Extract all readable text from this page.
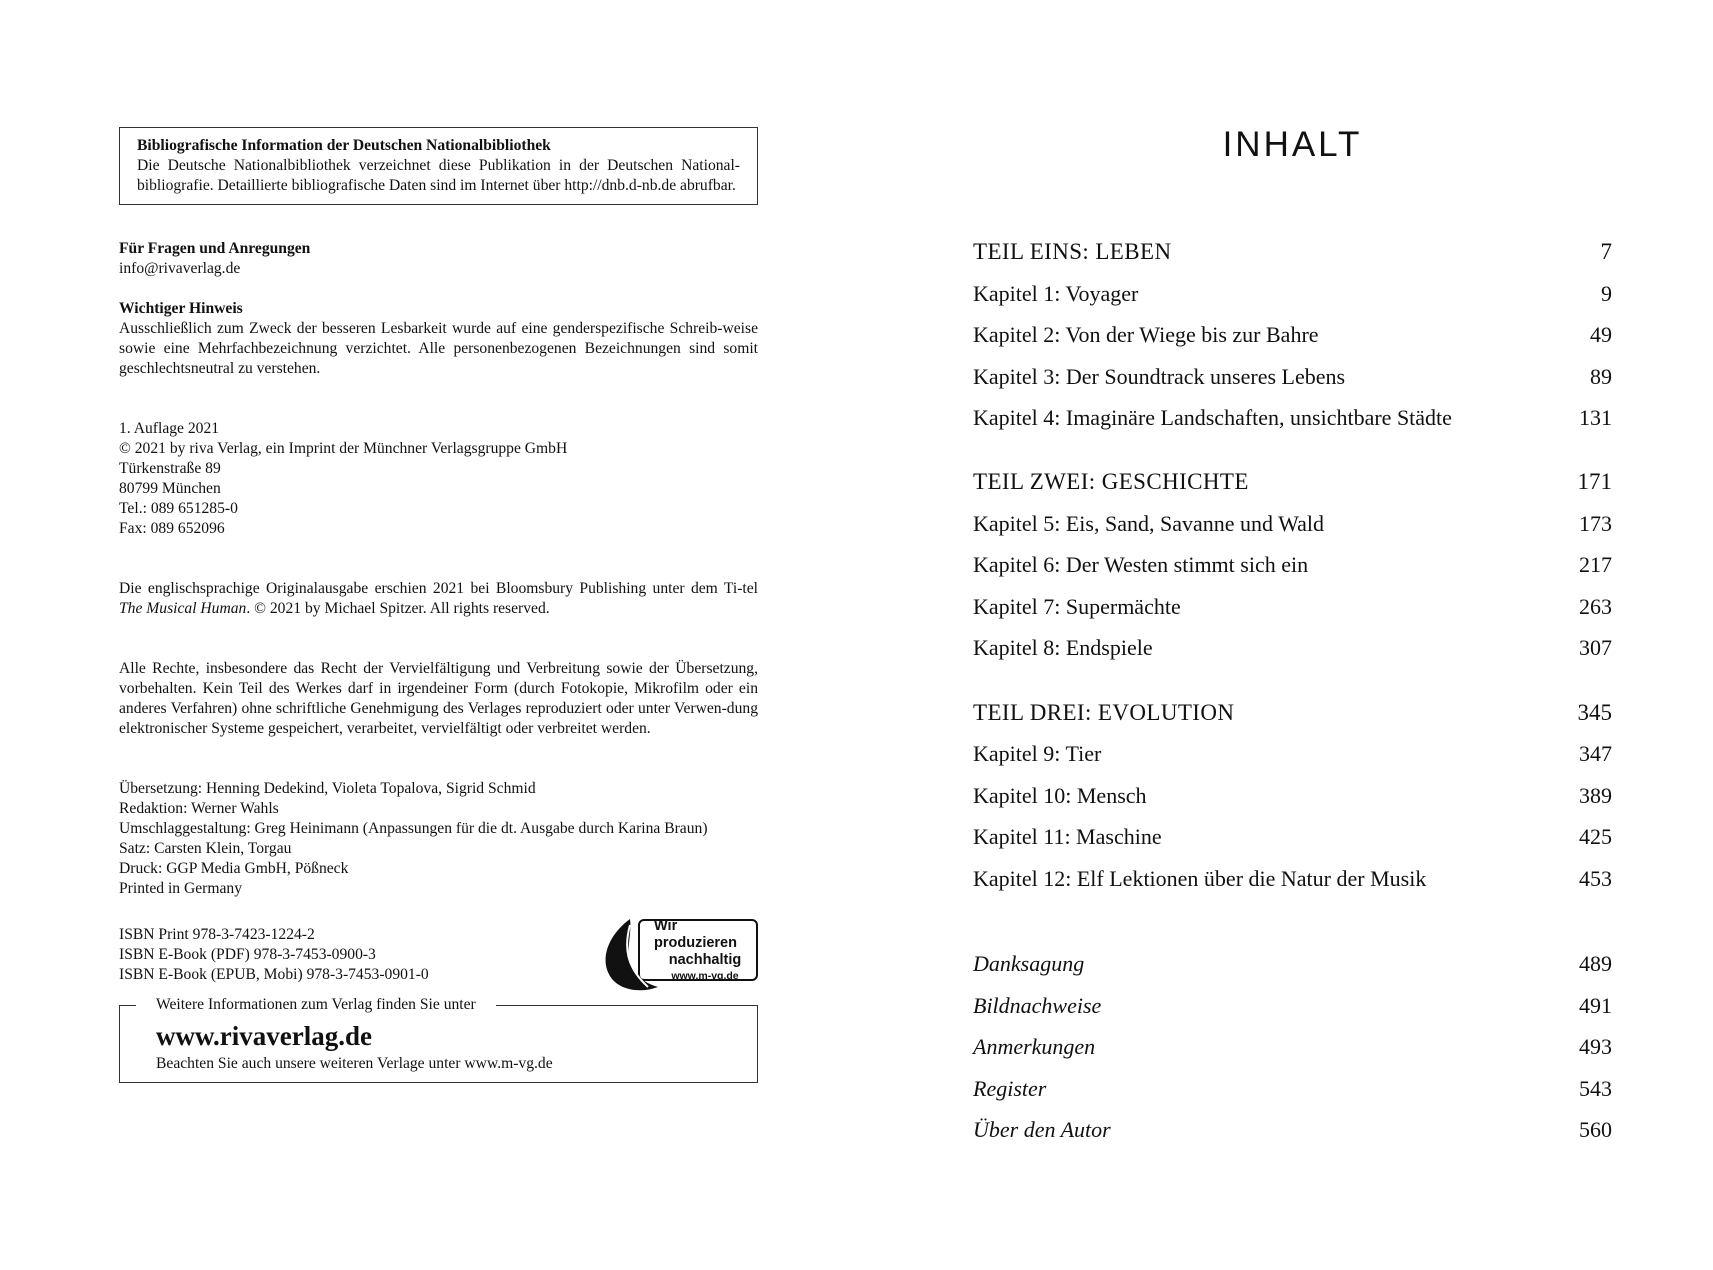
Bibliografische Information der Deutschen Nationalbibliothek
Die Deutsche Nationalbibliothek verzeichnet diese Publikation in der Deutschen National-bibliografie. Detaillierte bibliografische Daten sind im Internet über http://dnb.d-nb.de abrufbar.
Für Fragen und Anregungen
info@rivaverlag.de
Wichtiger Hinweis
Ausschließlich zum Zweck der besseren Lesbarkeit wurde auf eine genderspezifische Schreib-weise sowie eine Mehrfachbezeichnung verzichtet. Alle personenbezogenen Bezeichnungen sind somit geschlechtsneutral zu verstehen.
1. Auflage 2021
© 2021 by riva Verlag, ein Imprint der Münchner Verlagsgruppe GmbH
Türkenstraße 89
80799 München
Tel.: 089 651285-0
Fax: 089 652096
Die englischsprachige Originalausgabe erschien 2021 bei Bloomsbury Publishing unter dem Ti-tel The Musical Human. © 2021 by Michael Spitzer. All rights reserved.
Alle Rechte, insbesondere das Recht der Vervielfältigung und Verbreitung sowie der Übersetzung, vorbehalten. Kein Teil des Werkes darf in irgendeiner Form (durch Fotokopie, Mikrofilm oder ein anderes Verfahren) ohne schriftliche Genehmigung des Verlages reproduziert oder unter Verwen-dung elektronischer Systeme gespeichert, verarbeitet, vervielfältigt oder verbreitet werden.
Übersetzung: Henning Dedekind, Violeta Topalova, Sigrid Schmid
Redaktion: Werner Wahls
Umschlaggestaltung: Greg Heinimann (Anpassungen für die dt. Ausgabe durch Karina Braun)
Satz: Carsten Klein, Torgau
Druck: GGP Media GmbH, Pößneck
Printed in Germany
ISBN Print 978-3-7423-1224-2
ISBN E-Book (PDF) 978-3-7453-0900-3
ISBN E-Book (EPUB, Mobi) 978-3-7453-0901-0
Wir produzieren
nachhaltig
www.m-vg.de
Weitere Informationen zum Verlag finden Sie unter
www.rivaverlag.de
Beachten Sie auch unsere weiteren Verlage unter www.m-vg.de
INHALT
TEIL EINS: LEBEN	7
Kapitel 1: Voyager	9
Kapitel 2: Von der Wiege bis zur Bahre	49
Kapitel 3: Der Soundtrack unseres Lebens	89
Kapitel 4: Imaginäre Landschaften, unsichtbare Städte	131
TEIL ZWEI: GESCHICHTE	171
Kapitel 5: Eis, Sand, Savanne und Wald	173
Kapitel 6: Der Westen stimmt sich ein	217
Kapitel 7: Supermächte	263
Kapitel 8: Endspiele	307
TEIL DREI: EVOLUTION	345
Kapitel 9: Tier	347
Kapitel 10: Mensch	389
Kapitel 11: Maschine	425
Kapitel 12: Elf Lektionen über die Natur der Musik	453
Danksagung	489
Bildnachweise	491
Anmerkungen	493
Register	543
Über den Autor	560
